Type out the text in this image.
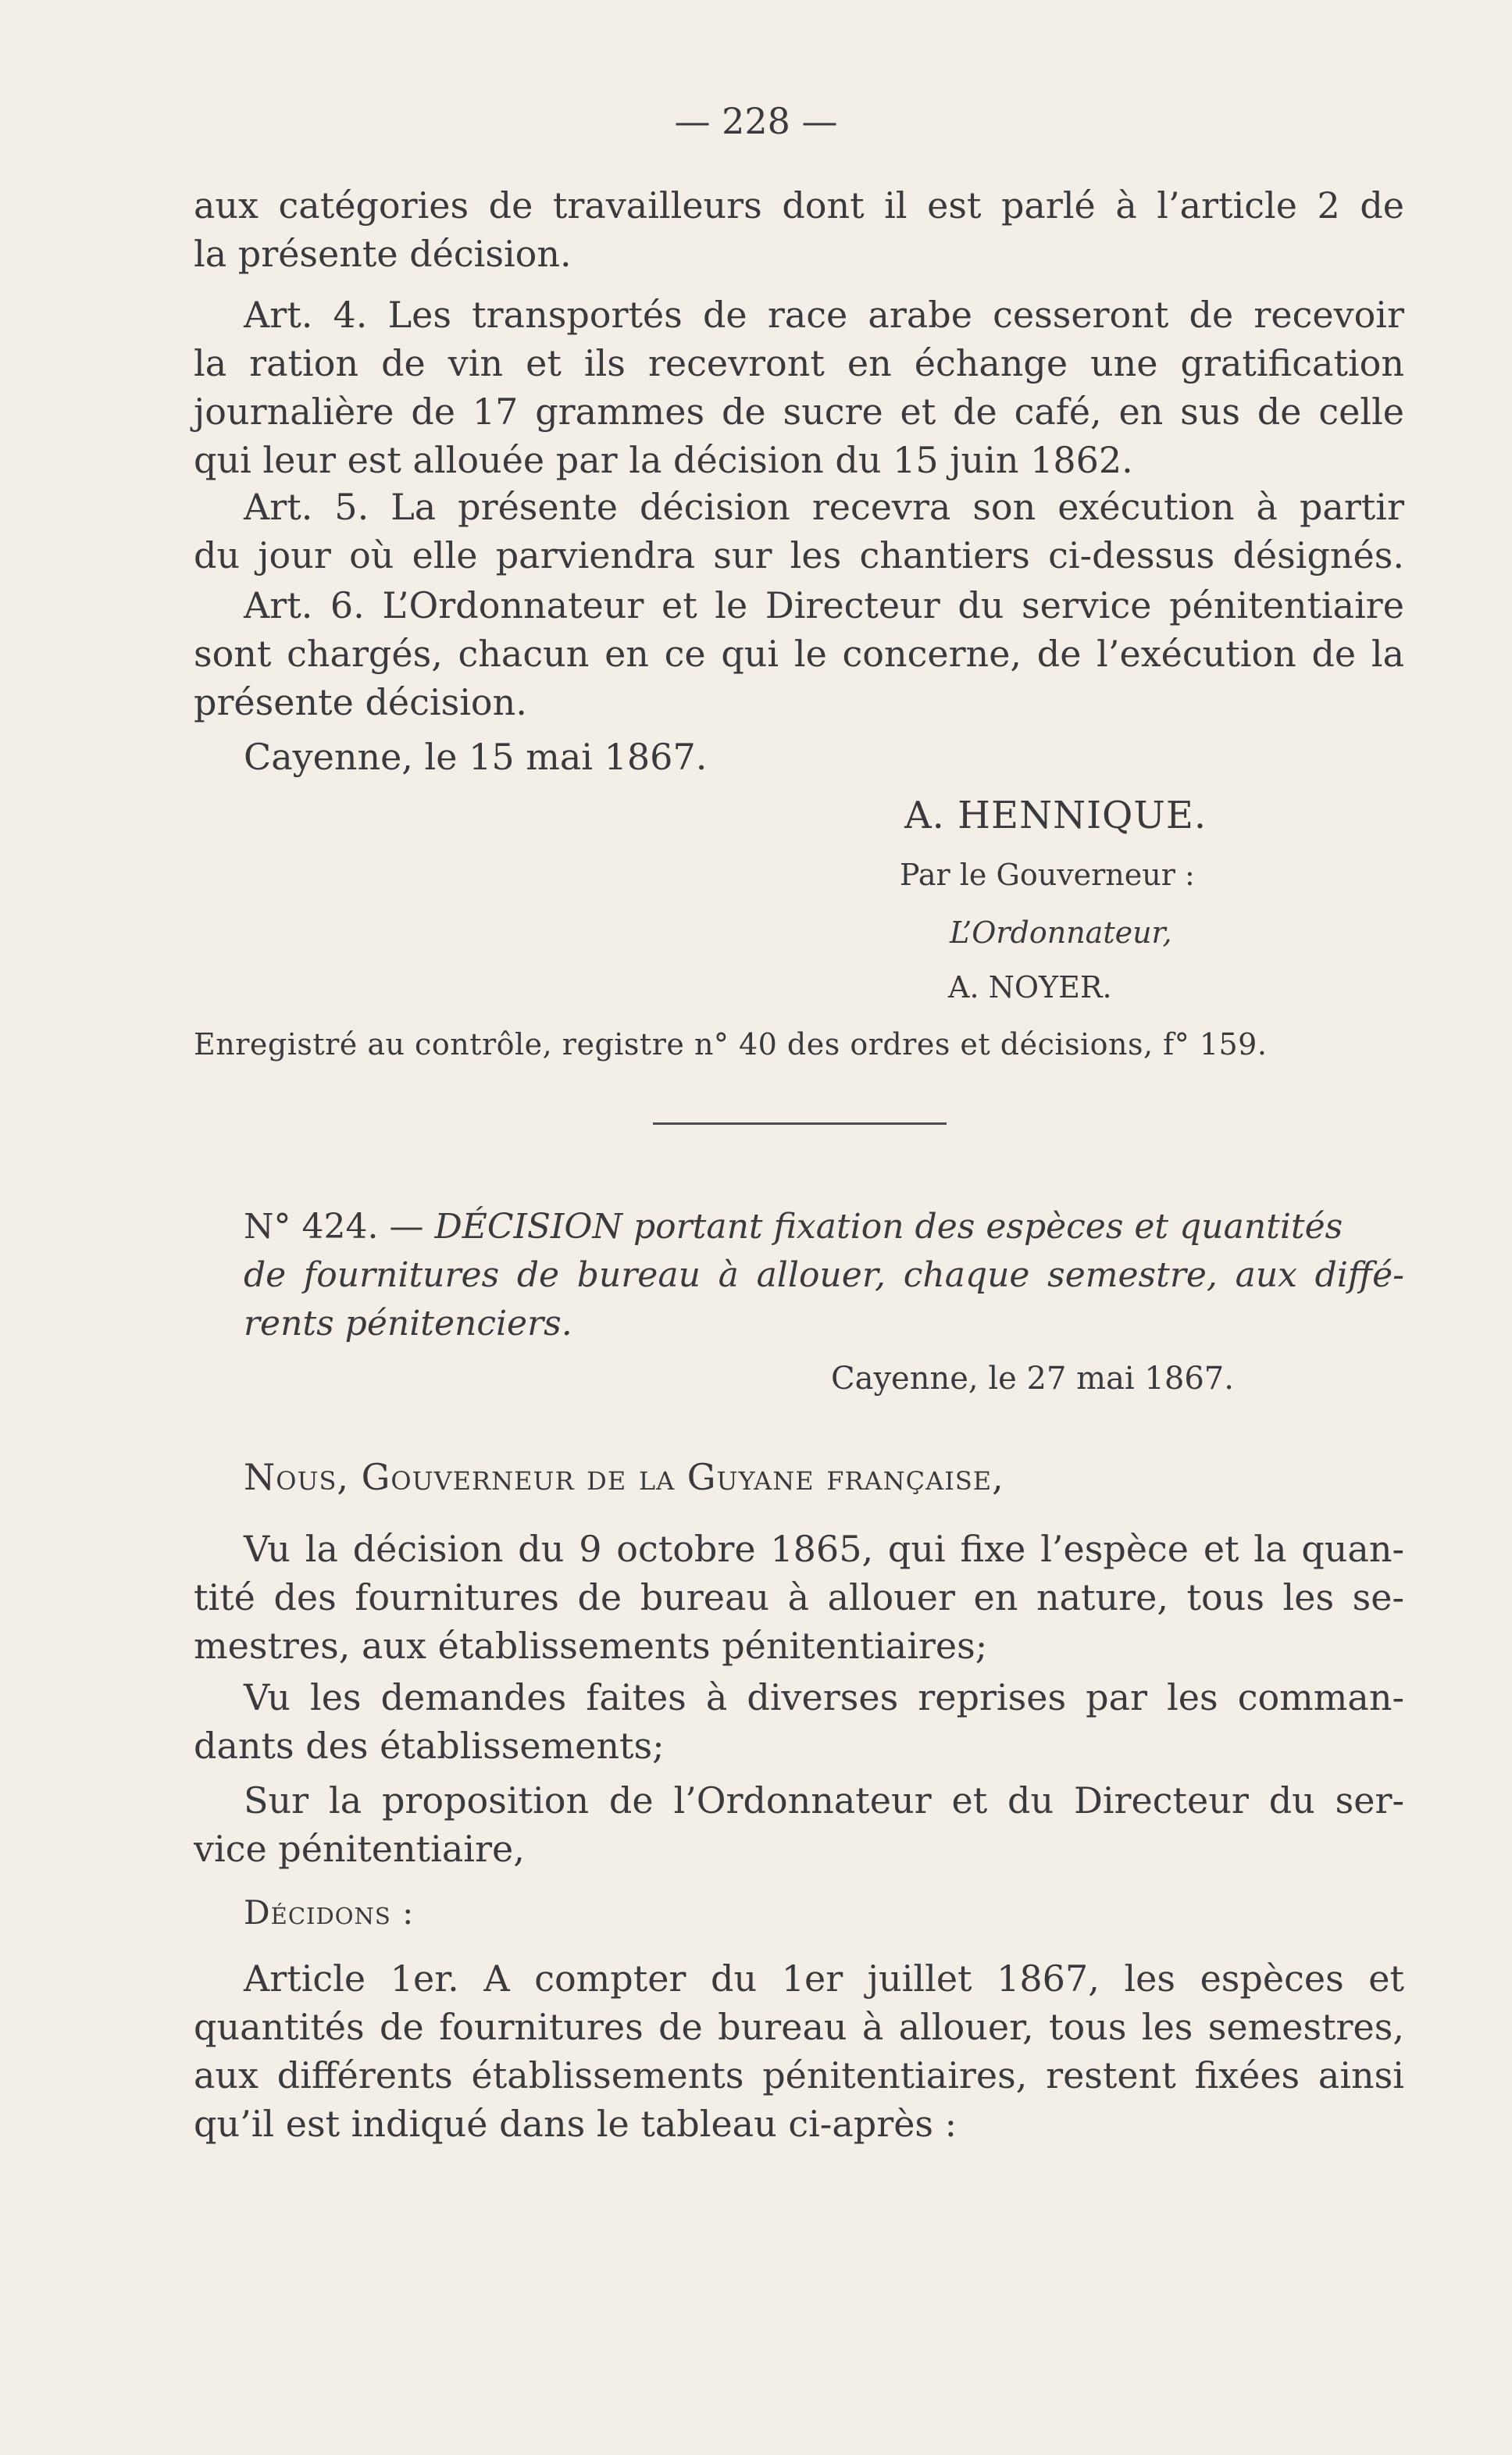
— 228 —
aux catégories de travailleurs dont il est parlé à l’article 2 de
la présente décision.
Art. 4. Les transportés de race arabe cesseront de recevoir
la ration de vin et ils recevront en échange une gratification
journalière de 17 grammes de sucre et de café, en sus de celle
qui leur est allouée par la décision du 15 juin 1862.
Art. 5. La présente décision recevra son exécution à partir
du jour où elle parviendra sur les chantiers ci-dessus désignés.
Art. 6. L’Ordonnateur et le Directeur du service pénitentiaire
sont chargés, chacun en ce qui le concerne, de l’exécution de la
présente décision.
Cayenne, le 15 mai 1867.
A. HENNIQUE.
Par le Gouverneur :
L’Ordonnateur,
A. NOYER.
Enregistré au contrôle, registre n° 40 des ordres et décisions, f° 159.
N° 424. — DÉCISION portant fixation des espèces et quantités
de fournitures de bureau à allouer, chaque semestre, aux diffé-
rents pénitenciers.
Cayenne, le 27 mai 1867.
Nous, Gouverneur de la Guyane française,
Vu la décision du 9 octobre 1865, qui fixe l’espèce et la quan-
tité des fournitures de bureau à allouer en nature, tous les se-
mestres, aux établissements pénitentiaires;
Vu les demandes faites à diverses reprises par les comman-
dants des établissements;
Sur la proposition de l’Ordonnateur et du Directeur du ser-
vice pénitentiaire,
Décidons :
Article 1er. A compter du 1er juillet 1867, les espèces et
quantités de fournitures de bureau à allouer, tous les semestres,
aux différents établissements pénitentiaires, restent fixées ainsi
qu’il est indiqué dans le tableau ci-après :
